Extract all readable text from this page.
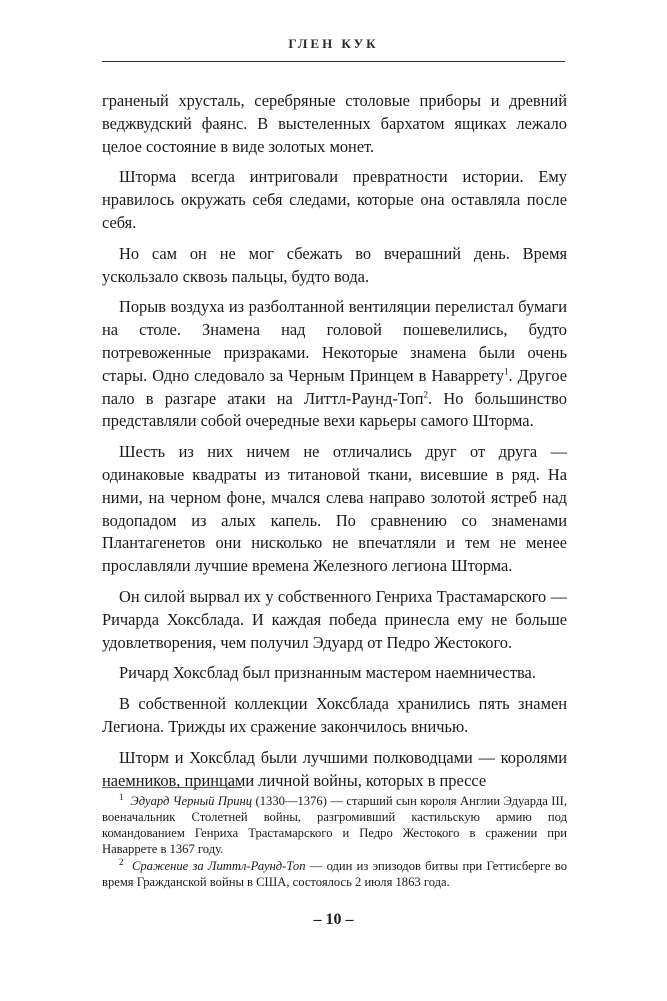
ГЛЕН КУК

граненый хрусталь, серебряные столовые приборы и древний веджвудский фаянс. В выстеленных бархатом ящиках лежало целое состояние в виде золотых монет.

Шторма всегда интриговали превратности истории. Ему нравилось окружать себя следами, которые она оставляла после себя.

Но сам он не мог сбежать во вчерашний день. Время ускользало сквозь пальцы, будто вода.

Порыв воздуха из разболтанной вентиляции перелистал бумаги на столе. Знамена над головой пошевелились, будто потревоженные призраками. Некоторые знамена были очень стары. Одно следовало за Черным Принцем в Наваррету$^1$. Другое пало в разгаре атаки на Литтл-Раунд-Топ$^2$. Но большинство представляли собой очередные вехи карьеры самого Шторма.

Шесть из них ничем не отличались друг от друга — одинаковые квадраты из титановой ткани, висевшие в ряд. На ними, на черном фоне, мчался слева направо золотой ястреб над водопадом из алых капель. По сравнению со знаменами Плантагенетов они нисколько не впечатляли и тем не менее прославляли лучшие времена Железного легиона Шторма.

Он силой вырвал их у собственного Генриха Трастамарского — Ричарда Хоксблада. И каждая победа принесла ему не больше удовлетворения, чем получил Эдуард от Педро Жестокого.

Ричард Хоксблад был признанным мастером наемничества.

В собственной коллекции Хоксблада хранились пять знамен Легиона. Трижды их сражение закончилось вничью.

Шторм и Хоксблад были лучшими полководцами — королями наемников, принцами личной войны, которых в прессе

$^1$ Эдуард Черный Принц (1330—1376) — старший сын короля Англии Эдуарда III, военачальник Столетней войны, разгромивший кастильскую армию под командованием Генриха Трастамарского и Педро Жестокого в сражении при Наваррете в 1367 году.

$^2$ Сражение за Литтл-Раунд-Топ — один из эпизодов битвы при Геттисберге во время Гражданской войны в США, состоялось 2 июля 1863 года.

– 10 –
